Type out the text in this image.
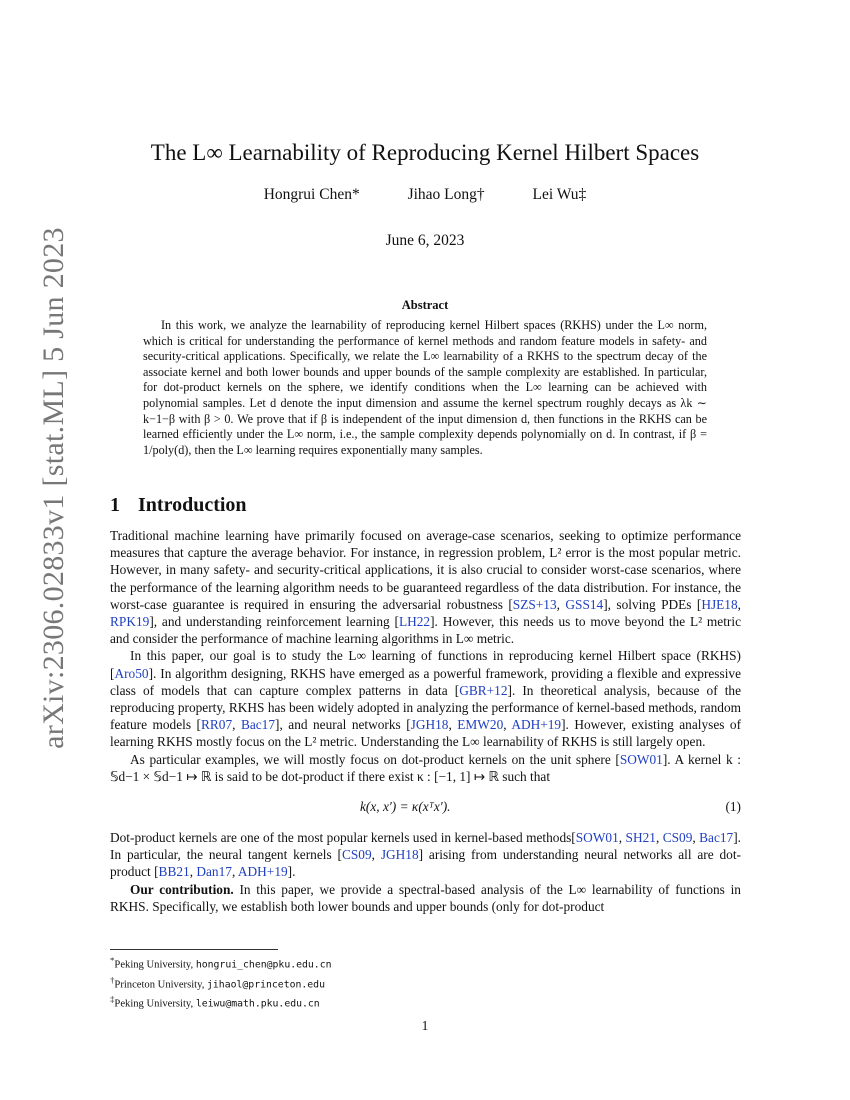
arXiv:2306.02833v1 [stat.ML] 5 Jun 2023
The L∞ Learnability of Reproducing Kernel Hilbert Spaces
Hongrui Chen*	Jihao Long†	Lei Wu‡
June 6, 2023
Abstract
In this work, we analyze the learnability of reproducing kernel Hilbert spaces (RKHS) under the L∞ norm, which is critical for understanding the performance of kernel methods and random feature models in safety- and security-critical applications. Specifically, we relate the L∞ learnability of a RKHS to the spectrum decay of the associate kernel and both lower bounds and upper bounds of the sample complexity are established. In particular, for dot-product kernels on the sphere, we identify conditions when the L∞ learning can be achieved with polynomial samples. Let d denote the input dimension and assume the kernel spectrum roughly decays as λk ∼ k−1−β with β > 0. We prove that if β is independent of the input dimension d, then functions in the RKHS can be learned efficiently under the L∞ norm, i.e., the sample complexity depends polynomially on d. In contrast, if β = 1/poly(d), then the L∞ learning requires exponentially many samples.
1 Introduction

Traditional machine learning have primarily focused on average-case scenarios, seeking to optimize performance measures that capture the average behavior. For instance, in regression problem, L² error is the most popular metric. However, in many safety- and security-critical applications, it is also crucial to consider worst-case scenarios, where the performance of the learning algorithm needs to be guaranteed regardless of the data distribution. For instance, the worst-case guarantee is required in ensuring the adversarial robustness [SZS+13, GSS14], solving PDEs [HJE18, RPK19], and understanding reinforcement learning [LH22]. However, this needs us to move beyond the L² metric and consider the performance of machine learning algorithms in L∞ metric.

In this paper, our goal is to study the L∞ learning of functions in reproducing kernel Hilbert space (RKHS) [Aro50]. In algorithm designing, RKHS have emerged as a powerful framework, providing a flexible and expressive class of models that can capture complex patterns in data [GBR+12]. In theoretical analysis, because of the reproducing property, RKHS has been widely adopted in analyzing the performance of kernel-based methods, random feature models [RR07, Bac17], and neural networks [JGH18, EMW20, ADH+19]. However, existing analyses of learning RKHS mostly focus on the L² metric. Understanding the L∞ learnability of RKHS is still largely open.

As particular examples, we will mostly focus on dot-product kernels on the unit sphere [SOW01]. A kernel k : 𝕊d−1 × 𝕊d−1 ↦ ℝ is said to be dot-product if there exist κ : [−1, 1] ↦ ℝ such that

k(x, x′) = κ(xᵀx′).	(1)

Dot-product kernels are one of the most popular kernels used in kernel-based methods[SOW01, SH21, CS09, Bac17]. In particular, the neural tangent kernels [CS09, JGH18] arising from understanding neural networks all are dot-product [BB21, Dan17, ADH+19].

Our contribution. In this paper, we provide a spectral-based analysis of the L∞ learnability of functions in RKHS. Specifically, we establish both lower bounds and upper bounds (only for dot-product

*Peking University, hongrui_chen@pku.edu.cn
†Princeton University, jihaol@princeton.edu
‡Peking University, leiwu@math.pku.edu.cn
1
